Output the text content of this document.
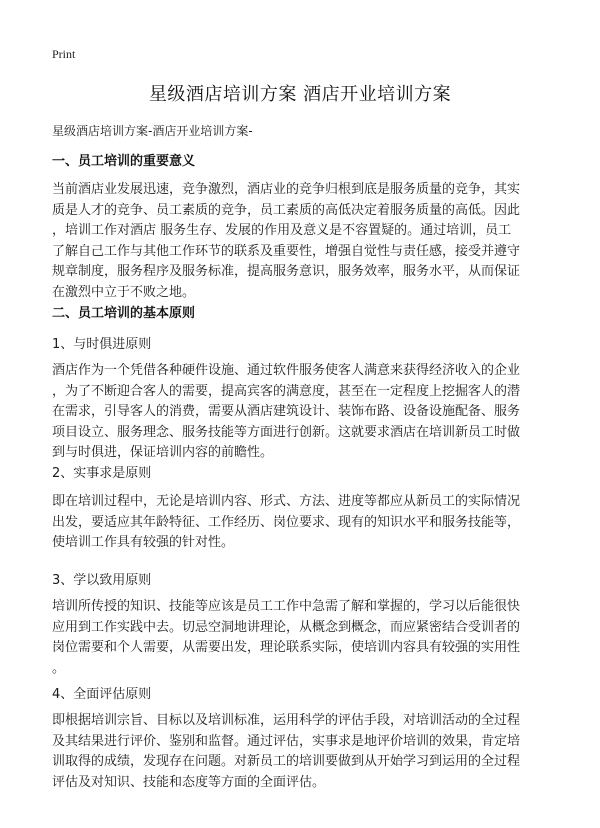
Print
星级酒店培训方案 酒店开业培训方案
星级酒店培训方案-酒店开业培训方案-
一、员工培训的重要意义
当前酒店业发展迅速，竞争激烈，酒店业的竞争归根到底是服务质量的竞争，其实
质是人才的竞争、员工素质的竞争，员工素质的高低决定着服务质量的高低。因此
，培训工作对酒店 服务生存、发展的作用及意义是不容置疑的。通过培训，员工
了解自己工作与其他工作环节的联系及重要性，增强自觉性与责任感，接受并遵守
规章制度，服务程序及服务标准，提高服务意识，服务效率，服务水平，从而保证
在激烈中立于不败之地。
二、员工培训的基本原则
1、与时俱进原则
酒店作为一个凭借各种硬件设施、通过软件服务使客人满意来获得经济收入的企业
，为了不断迎合客人的需要，提高宾客的满意度，甚至在一定程度上挖掘客人的潜
在需求，引导客人的消费，需要从酒店建筑设计、装饰布路、设备设施配备、服务
项目设立、服务理念、服务技能等方面进行创新。这就要求酒店在培训新员工时做
到与时俱进，保证培训内容的前瞻性。
2、实事求是原则
即在培训过程中，无论是培训内容、形式、方法、进度等都应从新员工的实际情况
出发，要适应其年龄特征、工作经历、岗位要求、现有的知识水平和服务技能等，
使培训工作具有较强的针对性。
3、学以致用原则
培训所传授的知识、技能等应该是员工工作中急需了解和掌握的，学习以后能很快
应用到工作实践中去。切忌空洞地讲理论，从概念到概念，而应紧密结合受训者的
岗位需要和个人需要，从需要出发，理论联系实际，使培训内容具有较强的实用性
。
4、全面评估原则
即根据培训宗旨、目标以及培训标准，运用科学的评估手段，对培训活动的全过程
及其结果进行评价、鉴别和监督。通过评估，实事求是地评价培训的效果，肯定培
训取得的成绩，发现存在问题。对新员工的培训要做到从开始学习到运用的全过程
评估及对知识、技能和态度等方面的全面评估。
